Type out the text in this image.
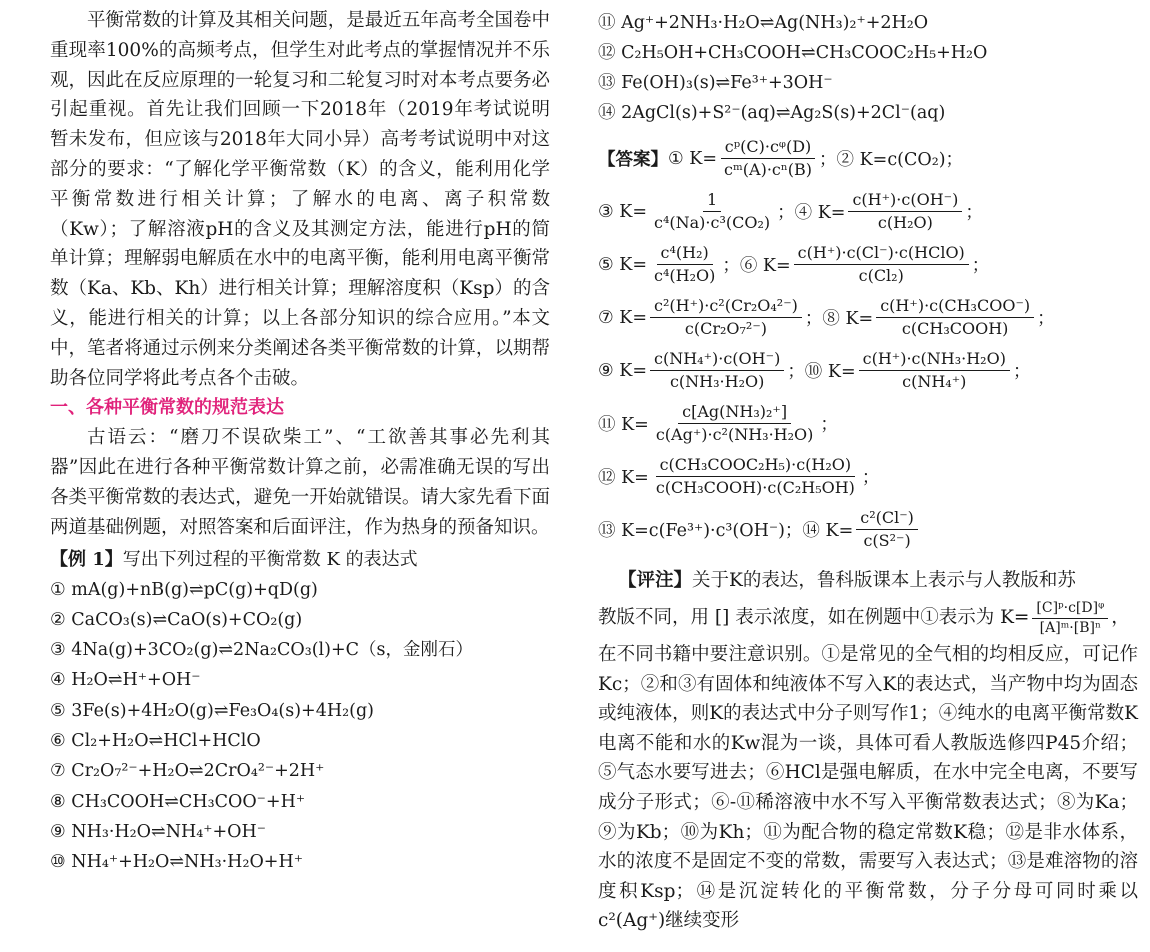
平衡常数的计算及其相关问题，是最近五年高考全国卷中重现率100%的高频考点，但学生对此考点的掌握情况并不乐观，因此在反应原理的一轮复习和二轮复习时对本考点要务必引起重视。首先让我们回顾一下2018年（2019年考试说明暂未发布，但应该与2018年大同小异）高考考试说明中对这部分的要求：“了解化学平衡常数（K）的含义，能利用化学平衡常数进行相关计算；了解水的电离、离子积常数（Kw）；了解溶液pH的含义及其测定方法，能进行pH的简单计算；理解弱电解质在水中的电离平衡，能利用电离平衡常数（Ka、Kb、Kh）进行相关计算；理解溶度积（Ksp）的含义，能进行相关的计算；以上各部分知识的综合应用。”本文中，笔者将通过示例来分类阐述各类平衡常数的计算，以期帮助各位同学将此考点各个击破。

一、各种平衡常数的规范表达

古语云：“磨刀不误砍柴工”、“工欲善其事必先利其器”因此在进行各种平衡常数计算之前，必需准确无误的写出各类平衡常数的表达式，避免一开始就错误。请大家先看下面两道基础例题，对照答案和后面评注，作为热身的预备知识。

【例 1】写出下列过程的平衡常数 K 的表达式

① mA(g)+nB(g)⇌pC(g)+qD(g)
② CaCO₃(s)⇌CaO(s)+CO₂(g)
③ 4Na(g)+3CO₂(g)⇌2Na₂CO₃(l)+C（s，金刚石）
④ H₂O⇌H⁺+OH⁻
⑤ 3Fe(s)+4H₂O(g)⇌Fe₃O₄(s)+4H₂(g)
⑥ Cl₂+H₂O⇌HCl+HClO
⑦ Cr₂O₇²⁻+H₂O⇌2CrO₄²⁻+2H⁺
⑧ CH₃COOH⇌CH₃COO⁻+H⁺
⑨ NH₃·H₂O⇌NH₄⁺+OH⁻
⑩ NH₄⁺+H₂O⇌NH₃·H₂O+H⁺
⑪ Ag⁺+2NH₃·H₂O⇌Ag(NH₃)₂⁺+2H₂O
⑫ C₂H₅OH+CH₃COOH⇌CH₃COOC₂H₅+H₂O
⑬ Fe(OH)₃(s)⇌Fe³⁺+3OH⁻
⑭ 2AgCl(s)+S²⁻(aq)⇌Ag₂S(s)+2Cl⁻(aq)
【答案】 ① $K= \frac{\text{cᵖ(C)·cᵠ(D)}}{\text{cᵐ(A)·cⁿ(B)}}$ ；② K=c(CO₂)；
③ $K= \frac{1}{\text{c⁴(Na)·c³(CO₂)}}$ ；④ $K= \frac{c(H^+)\cdot c(OH^-)}{\text{c(H₂O)}}$ ；
⑤ $K= \frac{\text{c⁴(H₂)}}{\text{c⁴(H₂O)}}$ ；⑥ $K= \frac{\text{c(H⁺)·c(Cl⁻)·c(HClO)}}{\text{c(Cl₂)}}$ ；
⑦ $K= \frac{\text{c²(H⁺)·c²(Cr₂O₄²⁻)}}{\text{c(Cr₂O₇²⁻)}}$ ；⑧ $K= \frac{\text{c(H⁺)·c(CH₃COO⁻)}}{\text{c(CH₃COOH)}}$ ；
⑨ $K= \frac{\text{c(NH₄⁺)·c(OH⁻)}}{\text{c(NH₃·H₂O)}}$ ；⑩ $K= \frac{\text{c(H⁺)·c(NH₃·H₂O)}}{\text{c(NH₄⁺)}}$ ；
⑪ $K= \frac{\text{c[Ag(NH₃)₂⁺]}}{\text{c(Ag⁺)·c²(NH₃·H₂O)}}$ ；
⑫ $K= \frac{\text{c(CH₃COOC₂H₅)·c(H₂O)}}{\text{c(CH₃COOH)·c(C₂H₅OH)}}$ ；
⑬ K=c(Fe³⁺)·c³(OH⁻)；⑭ $K= \frac{\text{c²(Cl⁻)}}{\text{c(S²⁻)}}$

【评注】关于K的表达，鲁科版课本上表示与人教版和苏

教版不同，用 [] 表示浓度，如在例题中①表示为 $K= \frac{\text{[C]ᵖ·c[D]ᵠ}}{\text{[A]ᵐ·[B]ⁿ}}$ ，

在不同书籍中要注意识别。①是常见的全气相的均相反应，可记作Kc；②和③有固体和纯液体不写入K的表达式，当产物中均为固态或纯液体，则K的表达式中分子则写作1；④纯水的电离平衡常数K电离不能和水的Kw混为一谈，具体可看人教版选修四P45介绍；⑤气态水要写进去；⑥HCl是强电解质，在水中完全电离，不要写成分子形式；⑥-⑪稀溶液中水不写入平衡常数表达式；⑧为Ka；⑨为Kb；⑩为Kh；⑪为配合物的稳定常数K稳；⑫是非水体系，水的浓度不是固定不变的常数，需要写入表达式；⑬是难溶物的溶度积Ksp；⑭是沉淀转化的平衡常数，分子分母可同时乘以c²(Ag⁺)继续变形
